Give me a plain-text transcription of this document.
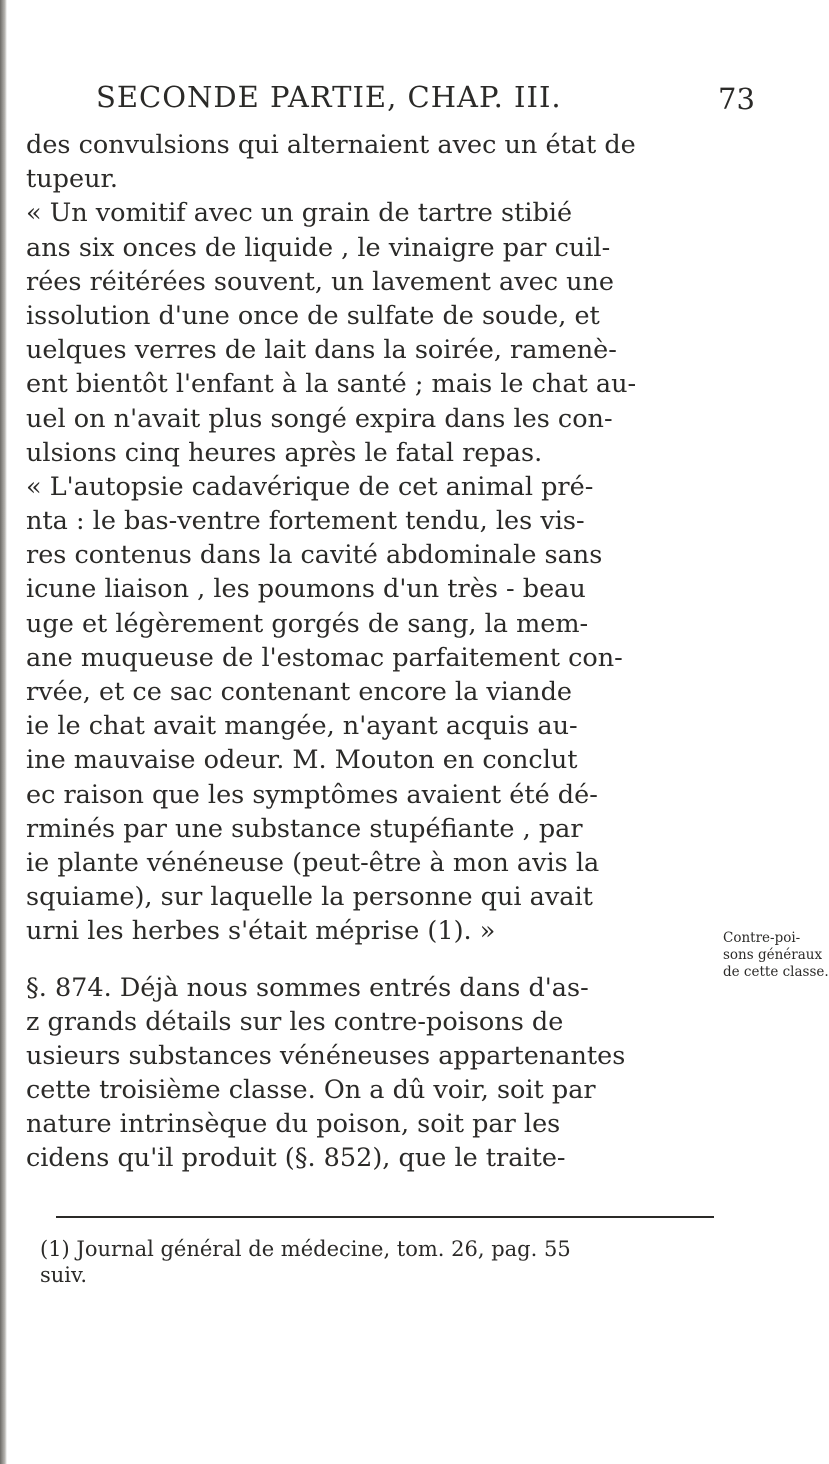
SECONDE PARTIE, CHAP. III.	73
des convulsions qui alternaient avec un état de
tupeur.
« Un vomitif avec un grain de tartre stibié
ans six onces de liquide , le vinaigre par cuil-
rées réitérées souvent, un lavement avec une
issolution d'une once de sulfate de soude, et
uelques verres de lait dans la soirée, ramenè-
ent bientôt l'enfant à la santé ; mais le chat au-
uel on n'avait plus songé expira dans les con-
ulsions cinq heures après le fatal repas.
« L'autopsie cadavérique de cet animal pré-
nta : le bas-ventre fortement tendu, les vis-
res contenus dans la cavité abdominale sans
icune liaison , les poumons d'un très - beau
uge et légèrement gorgés de sang, la mem-
ane muqueuse de l'estomac parfaitement con-
rvée, et ce sac contenant encore la viande
ie le chat avait mangée, n'ayant acquis au-
ine mauvaise odeur. M. Mouton en conclut
ec raison que les symptômes avaient été dé-
rminés par une substance stupéfiante , par
ie plante vénéneuse (peut-être à mon avis la
squiame), sur laquelle la personne qui avait
urni les herbes s'était méprise (1). »
§. 874. Déjà nous sommes entrés dans d'as-
z grands détails sur les contre-poisons de
usieurs substances vénéneuses appartenantes
cette troisième classe. On a dû voir, soit par
nature intrinsèque du poison, soit par les
cidens qu'il produit (§. 852), que le traite-
Contre-poi-
sons généraux
de cette classe.
(1) Journal général de médecine, tom. 26, pag. 55
suiv.
